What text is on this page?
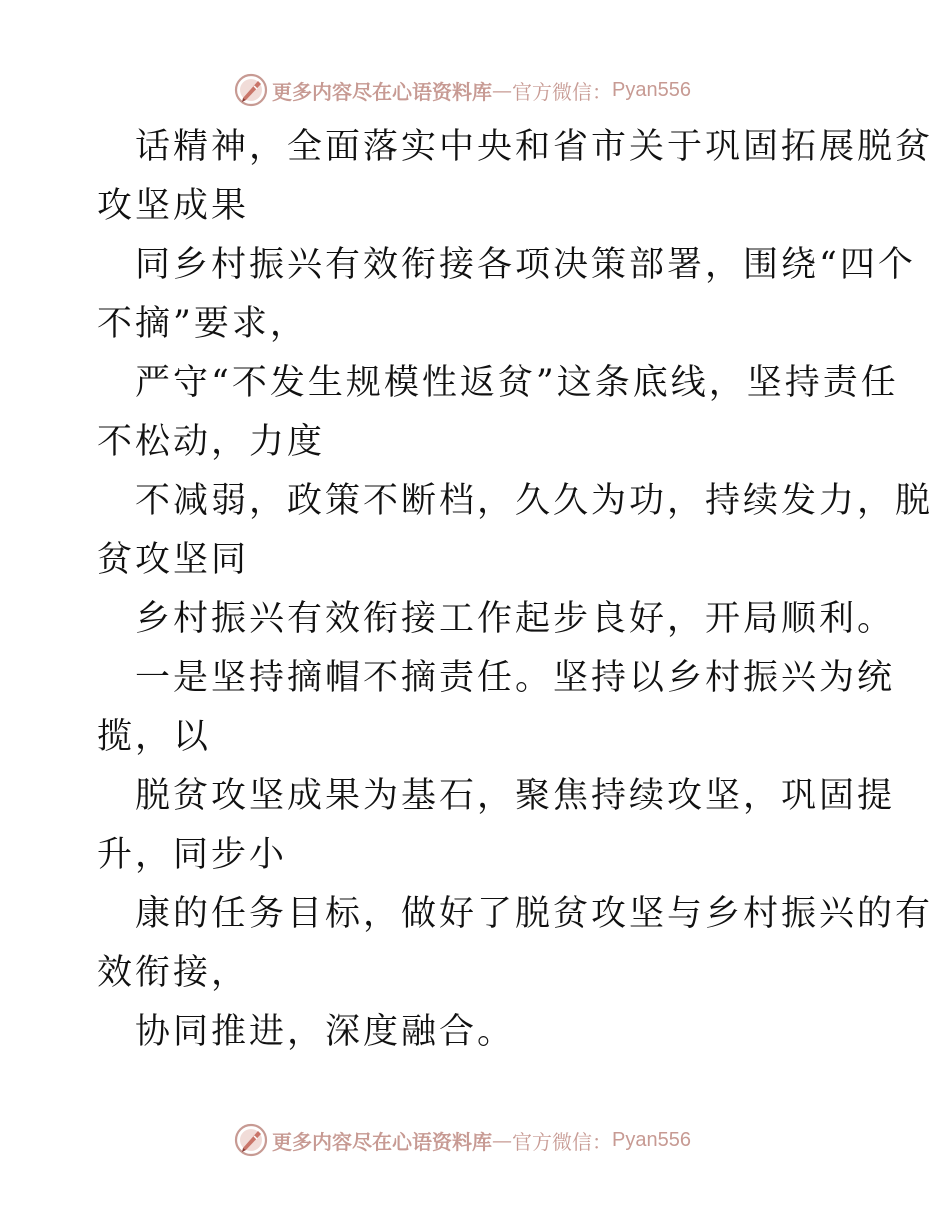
更多内容尽在心语资料库 — 官方微信： Pyan556
话精神，全面落实中央和省市关于巩固拓展脱贫
攻坚成果
同乡村振兴有效衔接各项决策部署，围绕“四个
不摘”要求，
严守“不发生规模性返贫”这条底线，坚持责任
不松动，力度
不减弱，政策不断档，久久为功，持续发力，脱
贫攻坚同
乡村振兴有效衔接工作起步良好，开局顺利。
一是坚持摘帽不摘责任。坚持以乡村振兴为统
揽，以
脱贫攻坚成果为基石，聚焦持续攻坚，巩固提
升，同步小
康的任务目标，做好了脱贫攻坚与乡村振兴的有
效衔接，
协同推进，深度融合。
更多内容尽在心语资料库 — 官方微信： Pyan556
